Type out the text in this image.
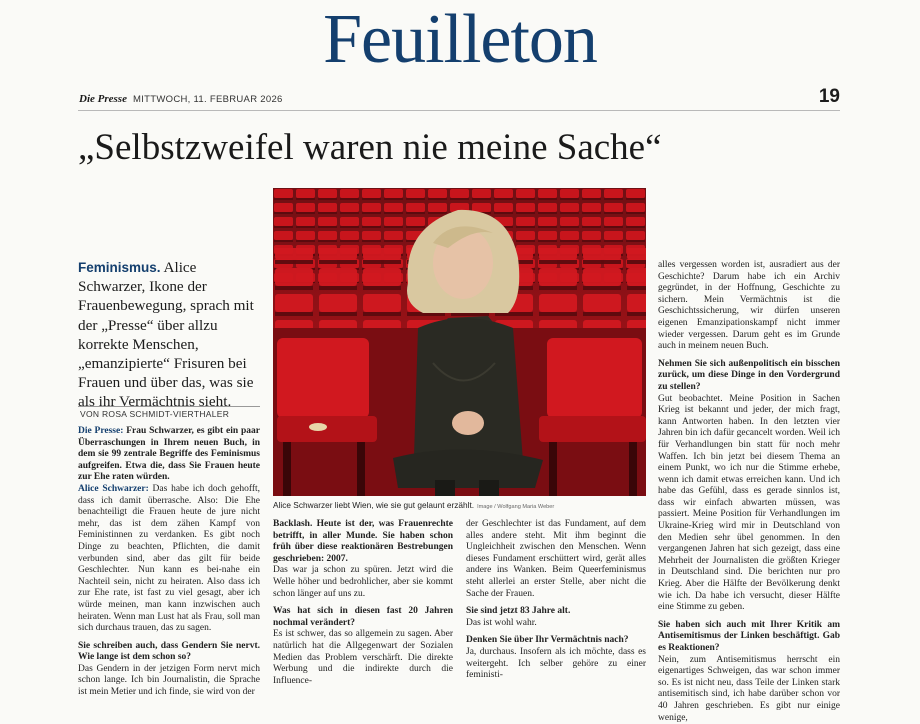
Feuilleton
Die Presse MITTWOCH, 11. FEBRUAR 2026	19
„Selbstzweifel waren nie meine Sache“
Feminismus. Alice Schwarzer, Ikone der Frauenbewegung, sprach mit der „Presse“ über allzu korrekte Menschen, „emanzipierte“ Frisuren bei Frauen und über das, was sie als ihr Vermächtnis sieht.
VON ROSA SCHMIDT-VIERTHALER

Die Presse: Frau Schwarzer, es gibt ein paar Überraschungen in Ihrem neuen Buch, in dem sie 99 zentrale Begriffe des Feminismus aufgreifen. Etwa die, dass Sie Frauen heute zur Ehe raten würden.

Alice Schwarzer: Das habe ich doch gehofft, dass ich damit überrasche. Also: Die Ehe benachteiligt die Frauen heute de jure nicht mehr, das ist dem zähen Kampf von Feministinnen zu verdanken. Es gibt noch Dinge zu beachten, Pflichten, die damit verbunden sind, aber das gilt für beide Geschlechter. Nun kann es bei-nahe ein Nachteil sein, nicht zu heiraten. Also dass ich zur Ehe rate, ist fast zu viel gesagt, aber ich würde meinen, man kann inzwischen auch heiraten. Wenn man Lust hat als Frau, soll man sich durchaus trauen, das zu sagen.

Sie schreiben auch, dass Gendern Sie nervt. Wie lange ist dem schon so?

Das Gendern in der jetzigen Form nervt mich schon lange. Ich bin Journalistin, die Sprache ist mein Metier und ich finde, sie wird von der

Alice Schwarzer liebt Wien, wie sie gut gelaunt erzählt. Image / Wolfgang Maria Weber

Backlash. Heute ist der, was Frauenrechte betrifft, in aller Munde. Sie haben schon früh über diese reaktionären Bestrebungen geschrieben: 2007.

Das war ja schon zu spüren. Jetzt wird die Welle höher und bedrohlicher, aber sie kommt schon länger auf uns zu.

Was hat sich in diesen fast 20 Jahren nochmal verändert?

Es ist schwer, das so allgemein zu sagen. Aber natürlich hat die Allgegenwart der Sozialen Medien das Problem verschärft. Die direkte Werbung und die indirekte durch die Influence-

der Geschlechter ist das Fundament, auf dem alles andere steht. Mit ihm beginnt die Ungleichheit zwischen den Menschen. Wenn dieses Fundament erschüttert wird, gerät alles andere ins Wanken. Beim Queerfeminismus steht allerlei an erster Stelle, aber nicht die Sache der Frauen.

Sie sind jetzt 83 Jahre alt.

Das ist wohl wahr.

Denken Sie über Ihr Vermächtnis nach?

Ja, durchaus. Insofern als ich möchte, dass es weitergeht. Ich selber gehöre zu einer feministi-

alles vergessen worden ist, ausradiert aus der Geschichte? Darum habe ich ein Archiv gegründet, in der Hoffnung, Geschichte zu sichern. Mein Vermächtnis ist die Geschichtssicherung, wir dürfen unseren eigenen Emanzipationskampf nicht immer wieder vergessen. Darum geht es im Grunde auch in meinem neuen Buch.

Nehmen Sie sich außenpolitisch ein bisschen zurück, um diese Dinge in den Vordergrund zu stellen?

Gut beobachtet. Meine Position in Sachen Krieg ist bekannt und jeder, der mich fragt, kann Antworten haben. In den letzten vier Jahren bin ich dafür gecancelt worden. Weil ich für Verhandlungen bin statt für noch mehr Waffen. Ich bin jetzt bei diesem Thema an einem Punkt, wo ich nur die Stimme erhebe, wenn ich damit etwas erreichen kann. Und ich habe das Gefühl, dass es gerade sinnlos ist, dass wir einfach abwarten müssen, was passiert. Meine Position für Verhandlungen im Ukraine-Krieg wird mir in Deutschland von den Medien sehr übel genommen. In den vergangenen Jahren hat sich gezeigt, dass eine Mehrheit der Journalisten die größten Krieger in Deutschland sind. Die berichten nur pro Krieg. Aber die Hälfte der Bevölkerung denkt wie ich. Da habe ich versucht, dieser Hälfte eine Stimme zu geben.

Sie haben sich auch mit Ihrer Kritik am Antisemitismus der Linken beschäftigt. Gab es Reaktionen?

Nein, zum Antisemitismus herrscht ein eigenartiges Schweigen, das war schon immer so. Es ist nicht neu, dass Teile der Linken stark antisemitisch sind, ich habe darüber schon vor 40 Jahren geschrieben. Es gibt nur einige wenige,
